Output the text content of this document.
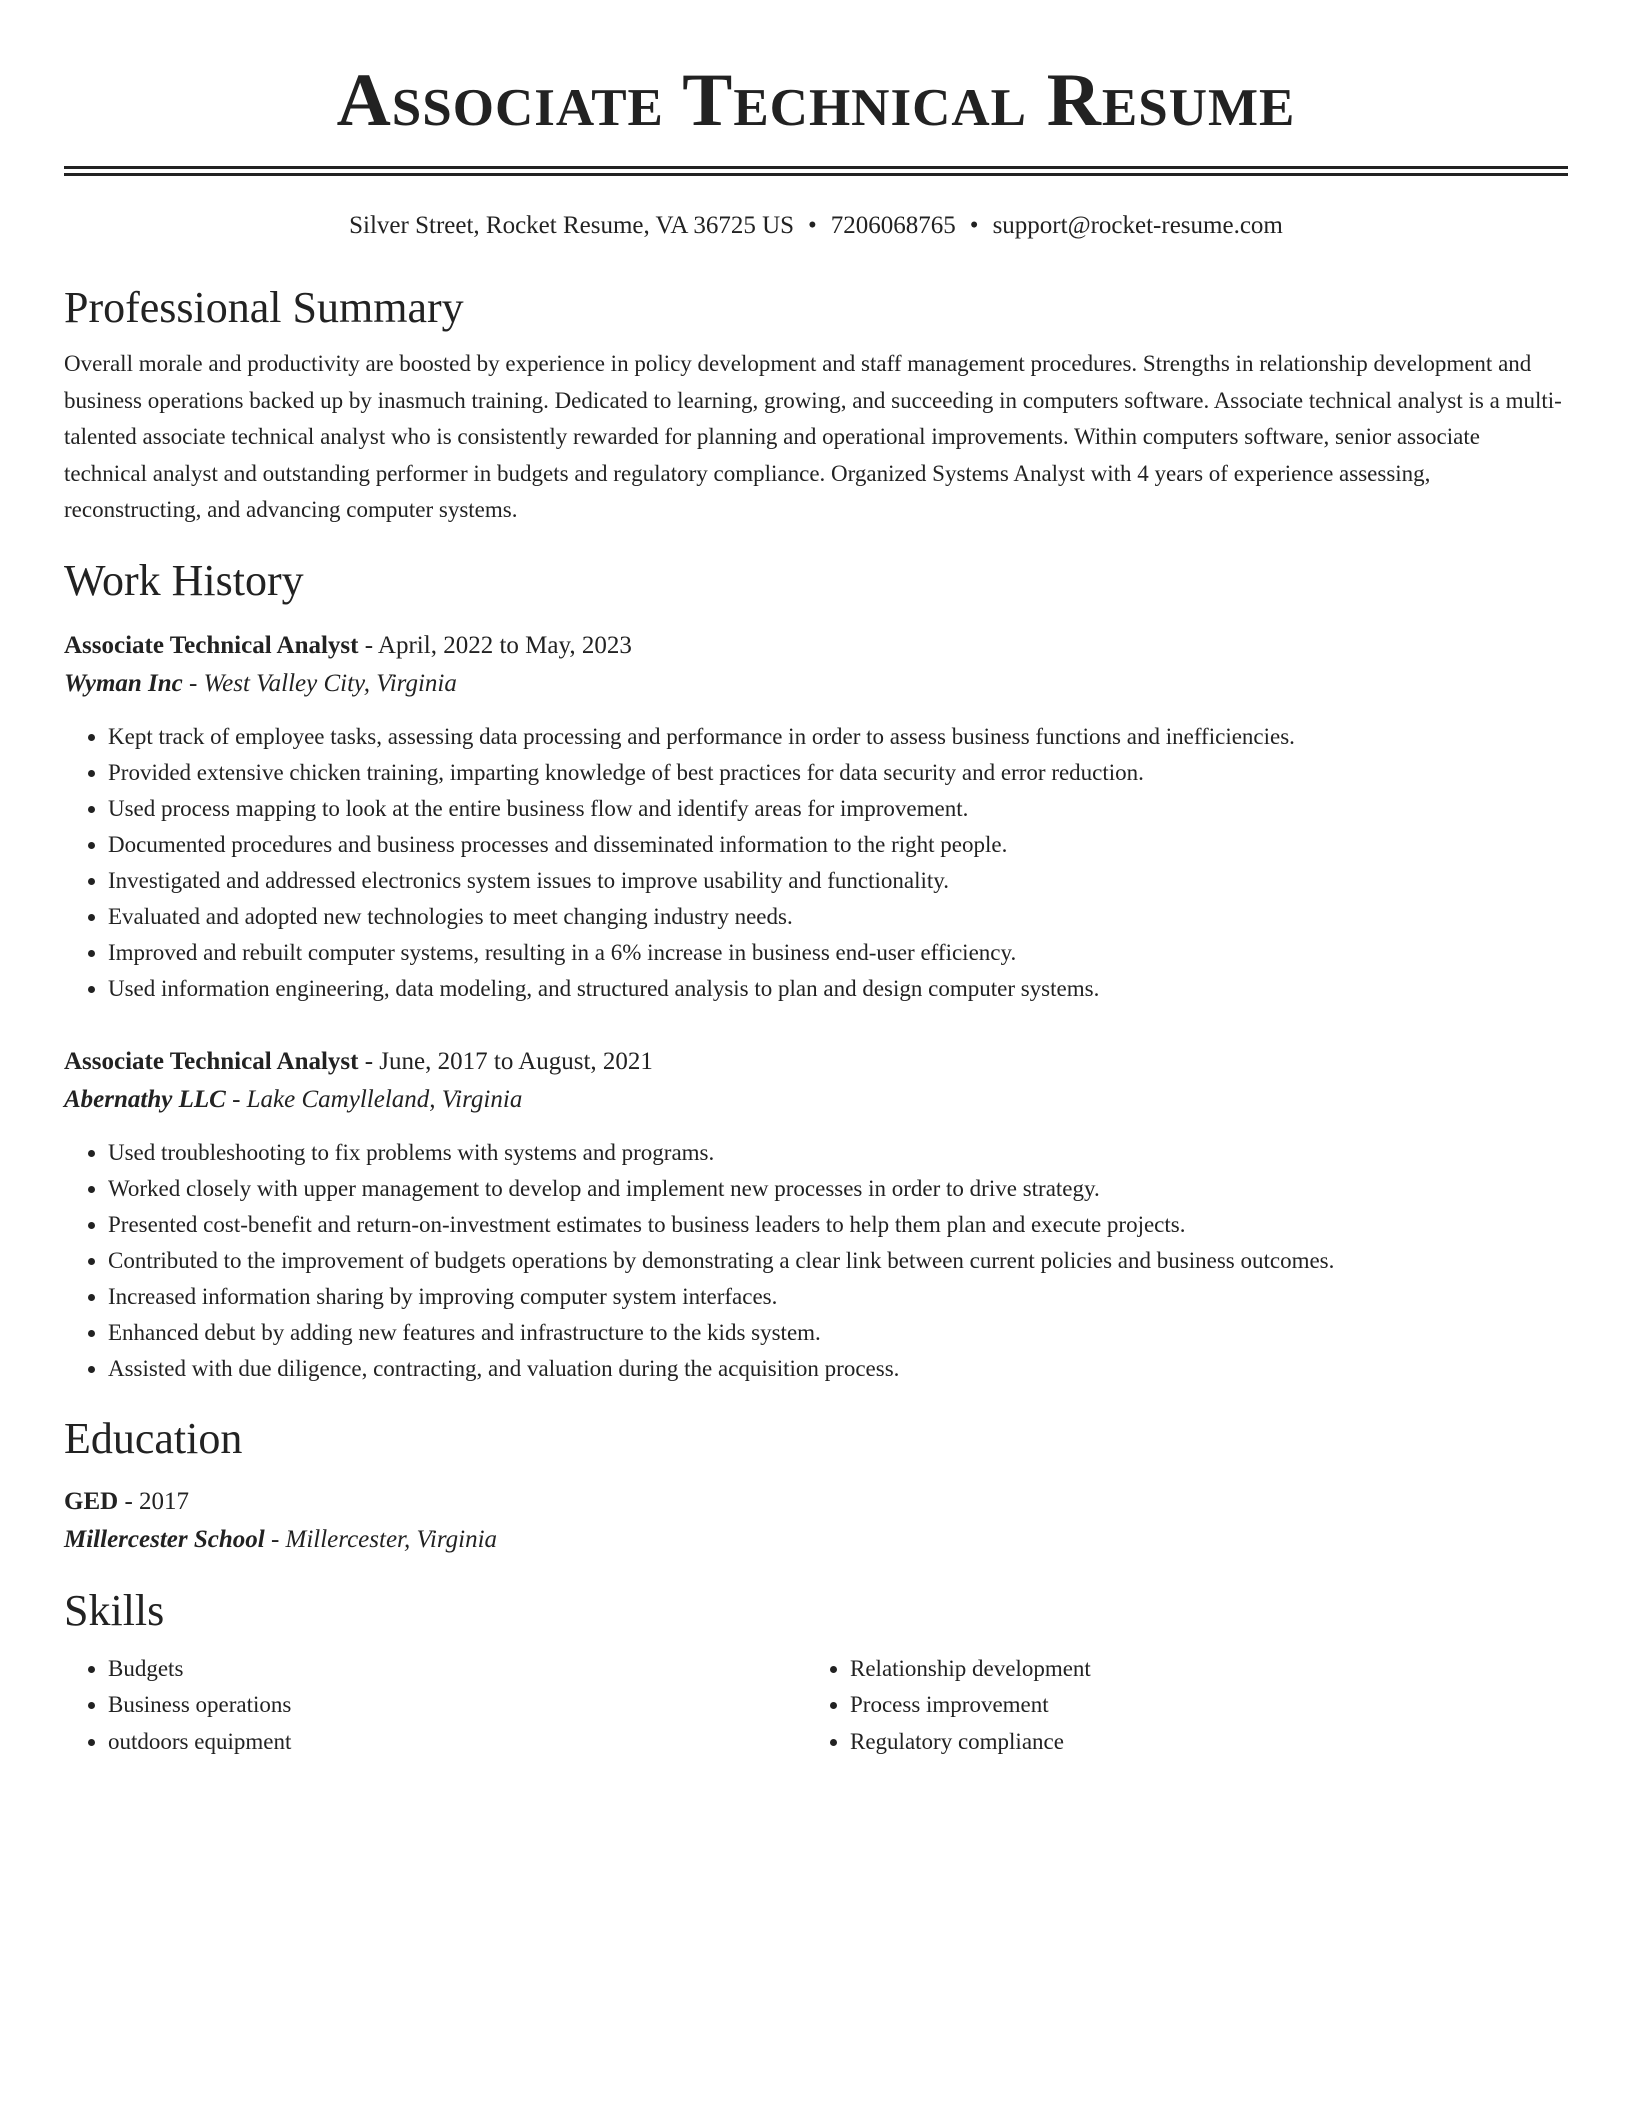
Associate Technical Resume
Silver Street, Rocket Resume, VA 36725 US • 7206068765 • support@rocket-resume.com
Professional Summary
Overall morale and productivity are boosted by experience in policy development and staff management procedures. Strengths in relationship development and business operations backed up by inasmuch training. Dedicated to learning, growing, and succeeding in computers software. Associate technical analyst is a multi-talented associate technical analyst who is consistently rewarded for planning and operational improvements. Within computers software, senior associate technical analyst and outstanding performer in budgets and regulatory compliance. Organized Systems Analyst with 4 years of experience assessing, reconstructing, and advancing computer systems.
Work History
Associate Technical Analyst - April, 2022 to May, 2023
Wyman Inc - West Valley City, Virginia
• Kept track of employee tasks, assessing data processing and performance in order to assess business functions and inefficiencies.
• Provided extensive chicken training, imparting knowledge of best practices for data security and error reduction.
• Used process mapping to look at the entire business flow and identify areas for improvement.
• Documented procedures and business processes and disseminated information to the right people.
• Investigated and addressed electronics system issues to improve usability and functionality.
• Evaluated and adopted new technologies to meet changing industry needs.
• Improved and rebuilt computer systems, resulting in a 6% increase in business end-user efficiency.
• Used information engineering, data modeling, and structured analysis to plan and design computer systems.
Associate Technical Analyst - June, 2017 to August, 2021
Abernathy LLC - Lake Camylleland, Virginia
• Used troubleshooting to fix problems with systems and programs.
• Worked closely with upper management to develop and implement new processes in order to drive strategy.
• Presented cost-benefit and return-on-investment estimates to business leaders to help them plan and execute projects.
• Contributed to the improvement of budgets operations by demonstrating a clear link between current policies and business outcomes.
• Increased information sharing by improving computer system interfaces.
• Enhanced debut by adding new features and infrastructure to the kids system.
• Assisted with due diligence, contracting, and valuation during the acquisition process.
Education
GED - 2017
Millercester School - Millercester, Virginia
Skills
• Budgets
• Business operations
• outdoors equipment
• Relationship development
• Process improvement
• Regulatory compliance
